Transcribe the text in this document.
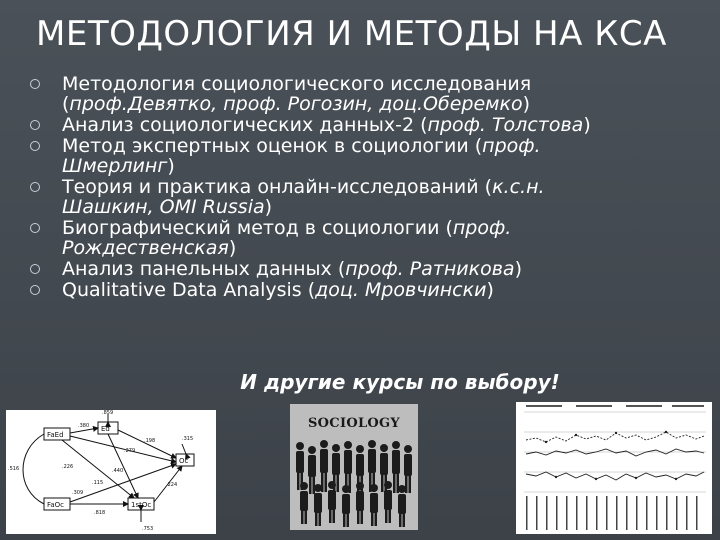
МЕТОДОЛОГИЯ И МЕТОДЫ НА КСА
Методология социологического исследования
(проф.Девятко, проф. Рогозин, доц.Оберемко)
Анализ социологических данных-2 (проф. Толстова)
Метод экспертных оценок в социологии (проф.
Шмерлинг)
Теория и практика онлайн-исследований (к.с.н.
Шашкин, OMI Russia)
Биографический метод в социологии (проф.
Рождественская)
Анализ панельных данных (проф. Ратникова)
Qualitative Data Analysis (доц. Мровчински)
И другие курсы по выбору!
FaEd
Ed
Oc
FaOc	1stOc
.859
.380
.198	.315
.279
.226
.440
.115
.516
.224
.818
.753
.309
SOCIOLOGY
